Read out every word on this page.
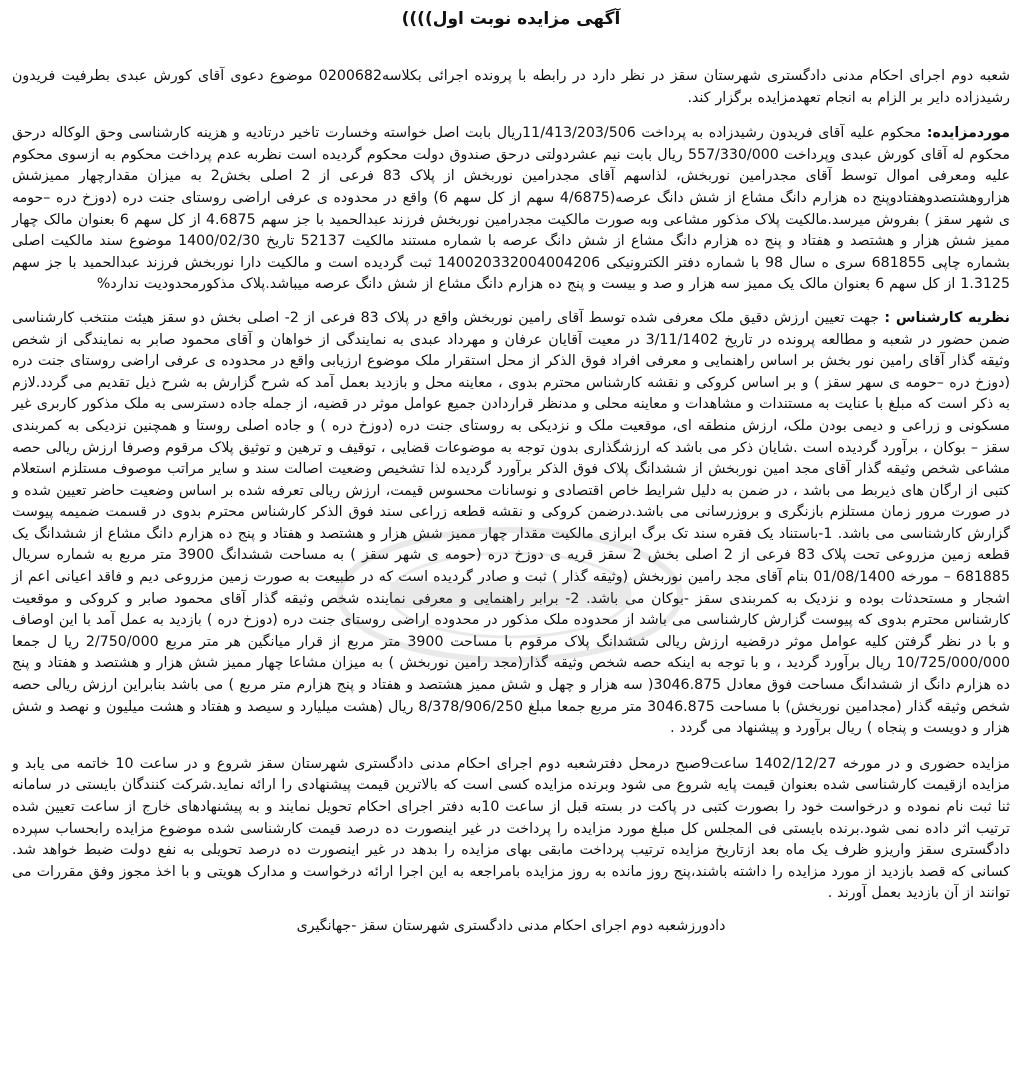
آگهی مزایده نوبت اول))))

شعبه دوم اجرای احکام مدنی دادگستری شهرستان سقز در نظر دارد در رابطه با پرونده اجرائی بکلاسه0200682 موضوع دعوی آقای کورش عبدی بطرفیت فریدون رشیدزاده دایر بر الزام به انجام تعهدمزایده برگزار کند.

موردمزایده: محکوم علیه آقای فریدون رشیدزاده به پرداخت 11/413/203/506ریال بابت اصل خواسته وخسارت تاخیر درتادیه و هزینه کارشناسی وحق الوکاله درحق محکوم له آقای کورش عبدی وپرداخت 557/330/000 ریال بابت نیم عشردولتی درحق صندوق دولت محکوم گردیده است نظربه عدم پرداخت محکوم به ازسوی محکوم علیه ومعرفی اموال توسط آقای مجدرامین نوربخش، لذاسهم آقای مجدرامین نوربخش از پلاک 83 فرعی از 2 اصلی بخش2 به میزان مقدارچهار ممیزشش هزاروهشتصدوهفتادوپنج ده هزارم دانگ مشاع از شش دانگ عرصه(4/6875 سهم از کل سهم 6) واقع در محدوده ی عرفی اراضی روستای جنت دره (دوزخ دره –حومه ی شهر سقز ) بفروش میرسد.مالکیت پلاک مذکور مشاعی وبه صورت مالکیت مجدرامین نوربخش فرزند عبدالحمید با جز سهم 4.6875 از کل سهم 6 بعنوان مالک چهار ممیز شش هزار و هشتصد و هفتاد و پنج ده هزارم دانگ مشاع از شش دانگ عرصه با شماره مستند مالکیت 52137 تاریخ 1400/02/30 موضوع سند مالکیت اصلی بشماره چاپی 681855 سری ه سال 98 با شماره دفتر الکترونیکی 140020332004004206 ثبت گردیده است و مالکیت دارا نوربخش فرزند عبدالحمید با جز سهم 1.3125 از کل سهم 6 بعنوان مالک یک ممیز سه هزار و صد و بیست و پنج ده هزارم دانگ مشاع از شش دانگ عرصه میباشد.پلاک مذکورمحدودیت ندارد%

نظریه کارشناس : جهت تعیین ارزش دقیق ملک معرفی شده توسط آقای رامین نوربخش واقع در پلاک 83 فرعی از 2- اصلی بخش دو سقز هیئت منتخب کارشناسی ضمن حضور در شعبه و مطالعه پرونده در تاریخ 3/11/1402 در معیت آقایان عرفان و مهرداد عبدی به نمایندگی از خواهان و آقای محمود صابر به نمایندگی از شخص وثیقه گذار آقای رامین نور بخش بر اساس راهنمایی و معرفی افراد فوق الذکر از محل استقرار ملک موضوع ارزیابی واقع در محدوده ی عرفی اراضی روستای جنت دره (دوزخ دره –حومه ی سهر سقز ) و بر اساس کروکی و نقشه کارشناس محترم بدوی ، معاینه محل و بازدید بعمل آمد که شرح گزارش به شرح ذیل تقدیم می گردد.لازم به ذکر است که مبلغ با عنایت به مستندات و مشاهدات و معاینه محلی و مدنظر قراردادن جمیع عوامل موثر در قضیه، از جمله جاده دسترسی به ملک مذکور کاربری غیر مسکونی و زراعی و دیمی بودن ملک، ارزش منطقه ای، موقعیت ملک و نزدیکی به روستای جنت دره (دوزخ دره ) و جاده اصلی روستا و همچنین نزدیکی به کمربندی سقز – بوکان ، برآورد گردیده است .شایان ذکر می باشد که ارزشگذاری بدون توجه به موضوعات قضایی ، توقیف و ترهین و توثیق پلاک مرقوم وصرفا ارزش ریالی حصه مشاعی شخص وثیقه گذار آقای مجد امین نوربخش از ششدانگ پلاک فوق الذکر برآورد گردیده لذا تشخیص وضعیت اصالت سند و سایر مراتب موصوف مستلزم استعلام کتبی از ارگان های ذیربط می باشد ، در ضمن به دلیل شرایط خاص اقتصادی و نوسانات محسوس قیمت، ارزش ریالی تعرفه شده بر اساس وضعیت حاضر تعیین شده و در صورت مرور زمان مستلزم بازنگری و بروزرسانی می باشد.درضمن کروکی و نقشه قطعه زراعی سند فوق الذکر کارشناس محترم بدوی در قسمت ضمیمه پیوست گزارش کارشناسی می باشد. 1-باستناد یک فقره سند تک برگ ابرازی مالکیت مقدار چهار ممیز شش هزار و هشتصد و هفتاد و پنج ده هزارم دانگ مشاع از ششدانگ یک قطعه زمین مزروعی تحت پلاک 83 فرعی از 2 اصلی بخش 2 سقز قریه ی دوزخ دره (حومه ی شهر سقز ) به مساحت ششدانگ 3900 متر مربع به شماره سریال 681885 – مورخه 01/08/1400 بنام آقای مجد رامین نوربخش (وثیقه گذار ) ثبت و صادر گردیده است که در طبیعت به صورت زمین مزروعی دیم و فاقد اعیانی اعم از اشجار و مستحدثات بوده و نزدیک به کمربندی سقز -بوکان می باشد. 2- برابر راهنمایی و معرفی نماینده شخص وثیقه گذار آقای محمود صابر و کروکی و موقعیت کارشناس محترم بدوی که پیوست گزارش کارشناسی می باشد از محدوده ملک مذکور در محدوده اراضی روستای جنت دره (دوزخ دره ) بازدید به عمل آمد با این اوصاف و با در نظر گرفتن کلیه عوامل موثر درقضیه ارزش ریالی ششدانگ پلاک مرقوم با مساحت 3900 متر مربع از قرار میانگین هر متر مربع 2/750/000 ریا ل جمعا 10/725/000/000 ریال برآورد گردید ، و با توجه به اینکه حصه شخص وثیقه گذار(مجد رامین نوربخش ) به میزان مشاعا چهار ممیز شش هزار و هشتصد و هفتاد و پنج ده هزارم دانگ از ششدانگ مساحت فوق معادل 3046.875( سه هزار و چهل و شش ممیز هشتصد و هفتاد و پنج هزارم متر مربع ) می باشد بنابراین ارزش ریالی حصه شخص وثیقه گذار (مجدامین نوربخش) با مساحت 3046.875 متر مربع جمعا مبلغ 8/378/906/250 ریال (هشت میلیارد و سیصد و هفتاد و هشت میلیون و نهصد و شش هزار و دویست و پنجاه ) ریال برآورد و پیشنهاد می گردد .

مزایده حضوری و در مورخه 1402/12/27 ساعت9صبح درمحل دفترشعبه دوم اجرای احکام مدنی دادگستری شهرستان سقز شروع و در ساعت 10 خاتمه می یابد و مزایده ازقیمت کارشناسی شده بعنوان قیمت پایه شروع می شود وبرنده مزایده کسی است که بالاترین قیمت پیشنهادی را ارائه نماید.شرکت کنندگان بایستی در سامانه ثنا ثبت نام نموده و درخواست خود را بصورت کتبی در پاکت در بسته قبل از ساعت 10به دفتر اجرای احکام تحویل نمایند و به پیشنهادهای خارج از ساعت تعیین شده ترتیب اثر داده نمی شود.برنده بایستی فی المجلس کل مبلغ مورد مزایده را پرداخت در غیر اینصورت ده درصد قیمت کارشناسی شده موضوع مزایده رابحساب سپرده دادگستری سقز واریزو ظرف یک ماه بعد ازتاریخ مزایده ترتیب پرداخت مابقی بهای مزایده را بدهد در غیر اینصورت ده درصد تحویلی به نفع دولت ضبط خواهد شد. کسانی که قصد بازدید از مورد مزایده را داشته باشند،پنج روز مانده به روز مزایده بامراجعه به این اجرا ارائه درخواست و مدارک هویتی و با اخذ مجوز وفق مقررات می توانند از آن بازدید بعمل آورند .

دادورزشعبه دوم اجرای احکام مدنی دادگستری شهرستان سقز -جهانگیری
